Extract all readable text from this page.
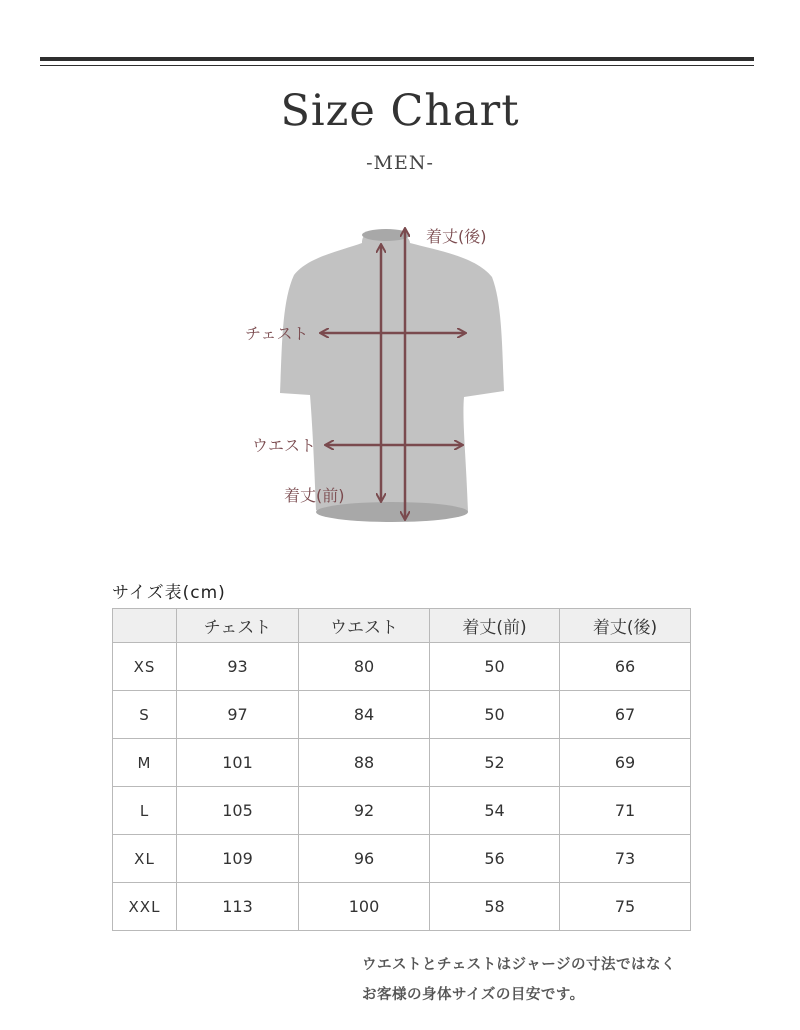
Size Chart
-MEN-
着丈(後)
チェスト
ウエスト
着丈(前)
サイズ表(cm)
	チェスト	ウエスト	着丈(前)	着丈(後)
XS	93	80	50	66
S	97	84	50	67
M	101	88	52	69
L	105	92	54	71
XL	109	96	56	73
XXL	113	100	58	75
ウエストとチェストはジャージの寸法ではなく
お客様の身体サイズの目安です。
